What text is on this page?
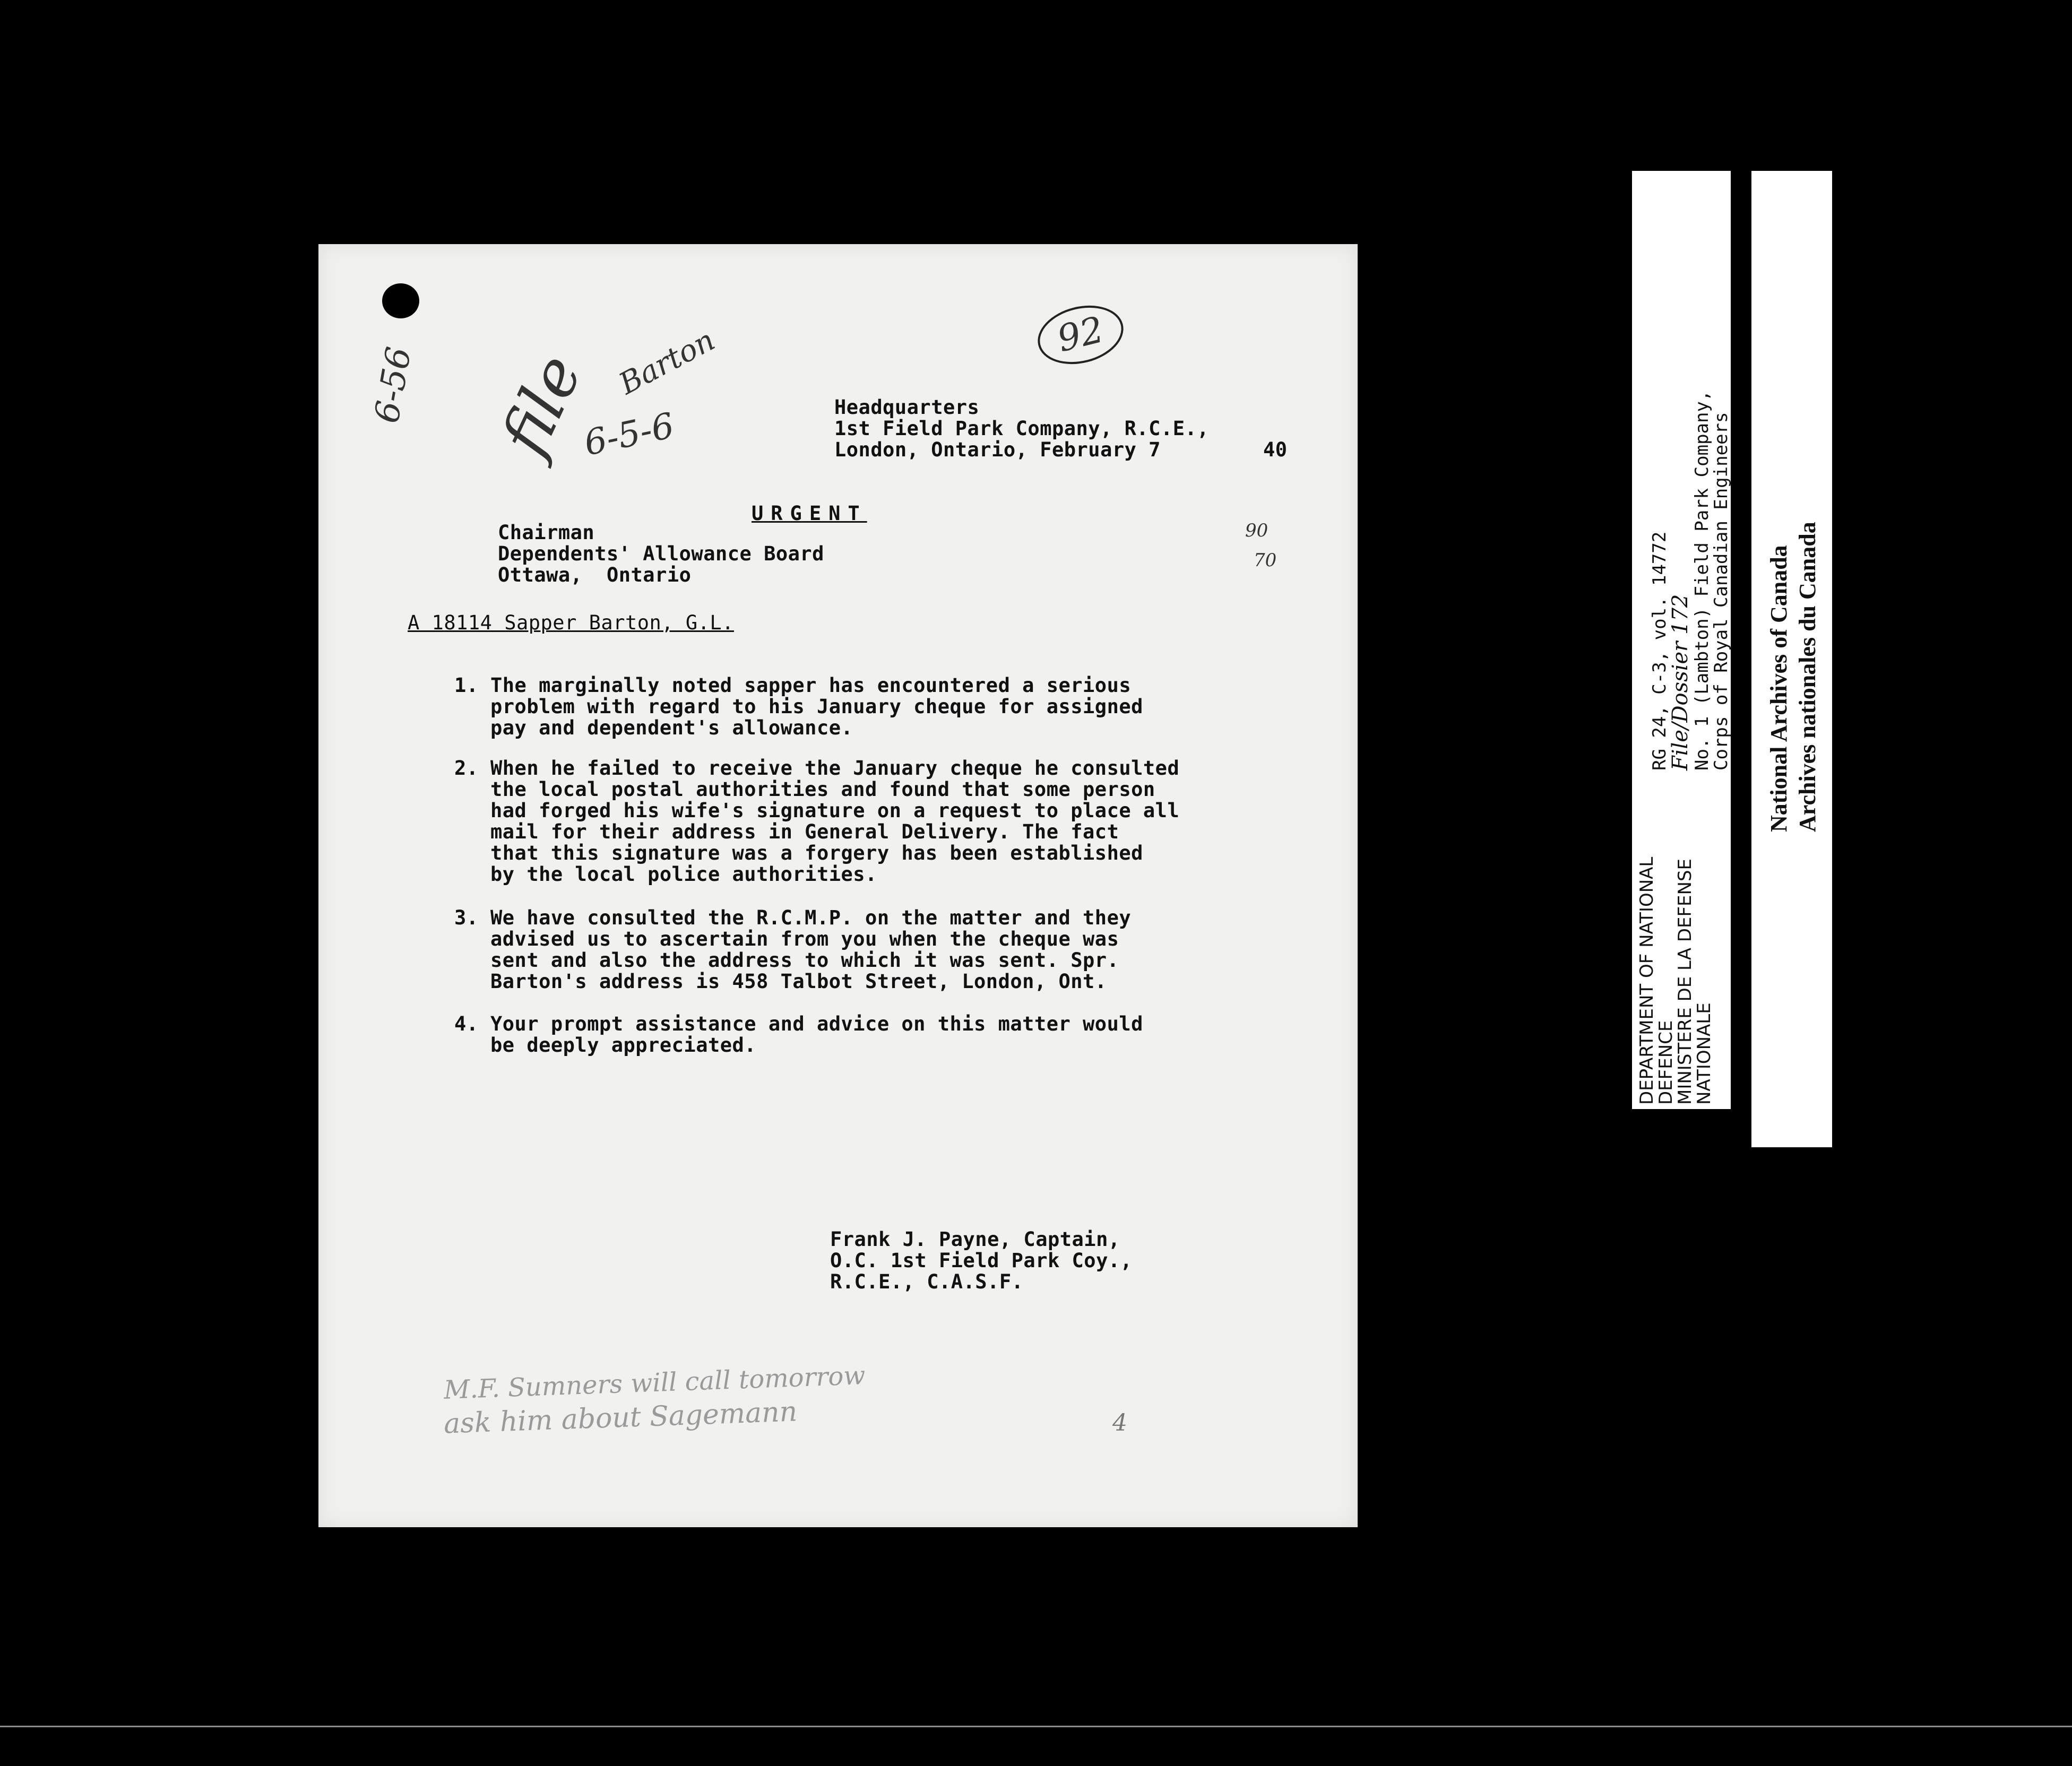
6-56 file Barton
6-5-6
92
90
70
Headquarters
1st Field Park Company, R.C.E.,
London, Ontario, February 7	40
URGENT
Chairman
Dependents' Allowance Board
Ottawa,  Ontario
A 18114 Sapper Barton, G.L.

1.

The marginally noted sapper has encountered a serious
problem with regard to his January cheque for assigned
pay and dependent's allowance.

2.

When he failed to receive the January cheque he consulted
the local postal authorities and found that some person
had forged his wife's signature on a request to place all
mail for their address in General Delivery. The fact
that this signature was a forgery has been established
by the local police authorities.

3.

We have consulted the R.C.M.P. on the matter and they
advised us to ascertain from you when the cheque was
sent and also the address to which it was sent. Spr.
Barton's address is 458 Talbot Street, London, Ont.

4.

Your prompt assistance and advice on this matter would
be deeply appreciated.

Frank J. Payne, Captain,
O.C. 1st Field Park Coy.,
R.C.E., C.A.S.F.
M.F. Sumners will call tomorrow
ask him about Sagemann	4
DEPARTMENT OF NATIONAL
DEFENCE
MINISTERE DE LA DEFENSE
NATIONALE
RG 24, C-3, vol. 14772
File/Dossier 172
No. 1 (Lambton) Field Park Company,
Corps of Royal Canadian Engineers National Archives of Canada Archives nationales du Canada
